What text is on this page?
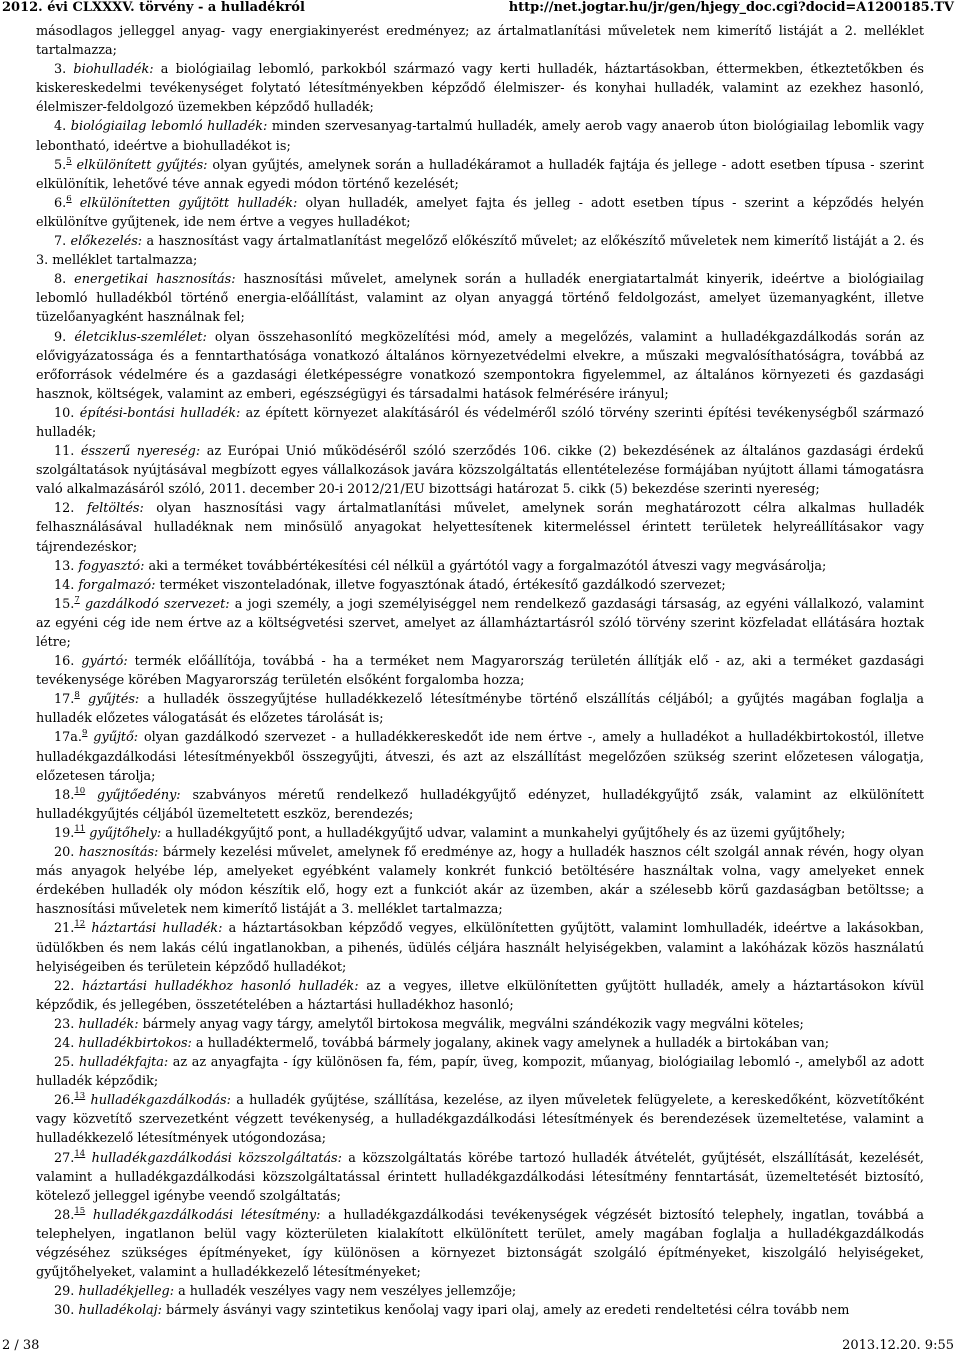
2012. évi CLXXXV. törvény - a hulladékról	http://net.jogtar.hu/jr/gen/hjegy_doc.cgi?docid=A1200185.TV

másodlagos jelleggel anyag- vagy energiakinyerést eredményez; az ártalmatlanítási műveletek nem kimerítő listáját a 2. melléklet tartalmazza;

3. biohulladék: a biológiailag lebomló, parkokból származó vagy kerti hulladék, háztartásokban, éttermekben, étkeztetőkben és kiskereskedelmi tevékenységet folytató létesítményekben képződő élelmiszer- és konyhai hulladék, valamint az ezekhez hasonló, élelmiszer-feldolgozó üzemekben képződő hulladék;

4. biológiailag lebomló hulladék: minden szervesanyag-tartalmú hulladék, amely aerob vagy anaerob úton biológiailag lebomlik vagy lebontható, ideértve a biohulladékot is;

5.$^5$ elkülönített gyűjtés: olyan gyűjtés, amelynek során a hulladékáramot a hulladék fajtája és jellege - adott esetben típusa - szerint elkülönítik, lehetővé téve annak egyedi módon történő kezelését;

6.$^6$ elkülönítetten gyűjtött hulladék: olyan hulladék, amelyet fajta és jelleg - adott esetben típus - szerint a képződés helyén elkülönítve gyűjtenek, ide nem értve a vegyes hulladékot;

7. előkezelés: a hasznosítást vagy ártalmatlanítást megelőző előkészítő művelet; az előkészítő műveletek nem kimerítő listáját a 2. és 3. melléklet tartalmazza;

8. energetikai hasznosítás: hasznosítási művelet, amelynek során a hulladék energiatartalmát kinyerik, ideértve a biológiailag lebomló hulladékból történő energia-előállítást, valamint az olyan anyaggá történő feldolgozást, amelyet üzemanyagként, illetve tüzelőanyagként használnak fel;

9. életciklus-szemlélet: olyan összehasonlító megközelítési mód, amely a megelőzés, valamint a hulladékgazdálkodás során az elővigyázatossága és a fenntarthatósága vonatkozó általános környezetvédelmi elvekre, a műszaki megvalósíthatóságra, továbbá az erőforrások védelmére és a gazdasági életképességre vonatkozó szempontokra figyelemmel, az általános környezeti és gazdasági hasznok, költségek, valamint az emberi, egészségügyi és társadalmi hatások felmérésére irányul;

10. építési-bontási hulladék: az épített környezet alakításáról és védelméről szóló törvény szerinti építési tevékenységből származó hulladék;

11. ésszerű nyereség: az Európai Unió működéséről szóló szerződés 106. cikke (2) bekezdésének az általános gazdasági érdekű szolgáltatások nyújtásával megbízott egyes vállalkozások javára közszolgáltatás ellentételezése formájában nyújtott állami támogatásra való alkalmazásáról szóló, 2011. december 20-i 2012/21/EU bizottsági határozat 5. cikk (5) bekezdése szerinti nyereség;

12. feltöltés: olyan hasznosítási vagy ártalmatlanítási művelet, amelynek során meghatározott célra alkalmas hulladék felhasználásával hulladéknak nem minősülő anyagokat helyettesítenek kitermeléssel érintett területek helyreállításakor vagy tájrendezéskor;

13. fogyasztó: aki a terméket továbbértékesítési cél nélkül a gyártótól vagy a forgalmazótól átveszi vagy megvásárolja;

14. forgalmazó: terméket viszonteladónak, illetve fogyasztónak átadó, értékesítő gazdálkodó szervezet;

15.$^7$ gazdálkodó szervezet: a jogi személy, a jogi személyiséggel nem rendelkező gazdasági társaság, az egyéni vállalkozó, valamint az egyéni cég ide nem értve az a költségvetési szervet, amelyet az államháztartásról szóló törvény szerint közfeladat ellátására hoztak létre;

16. gyártó: termék előállítója, továbbá - ha a terméket nem Magyarország területén állítják elő - az, aki a terméket gazdasági tevékenysége körében Magyarország területén elsőként forgalomba hozza;

17.$^8$ gyűjtés: a hulladék összegyűjtése hulladékkezelő létesítménybe történő elszállítás céljából; a gyűjtés magában foglalja a hulladék előzetes válogatását és előzetes tárolását is;

17a.$^9$ gyűjtő: olyan gazdálkodó szervezet - a hulladékkereskedőt ide nem értve -, amely a hulladékot a hulladékbirtokostól, illetve hulladékgazdálkodási létesítményekből összegyűjti, átveszi, és azt az elszállítást megelőzően szükség szerint előzetesen válogatja, előzetesen tárolja;

18.10 gyűjtőedény: szabványos méretű rendelkező hulladékgyűjtő edényzet, hulladékgyűjtő zsák, valamint az elkülönített hulladékgyűjtés céljából üzemeltetett eszköz, berendezés;

19.11 gyűjtőhely: a hulladékgyűjtő pont, a hulladékgyűjtő udvar, valamint a munkahelyi gyűjtőhely és az üzemi gyűjtőhely;

20. hasznosítás: bármely kezelési művelet, amelynek fő eredménye az, hogy a hulladék hasznos célt szolgál annak révén, hogy olyan más anyagok helyébe lép, amelyeket egyébként valamely konkrét funkció betöltésére használtak volna, vagy amelyeket ennek érdekében hulladék oly módon készítik elő, hogy ezt a funkciót akár az üzemben, akár a szélesebb körű gazdaságban betöltsse; a hasznosítási műveletek nem kimerítő listáját a 3. melléklet tartalmazza;

21.12 háztartási hulladék: a háztartásokban képződő vegyes, elkülönítetten gyűjtött, valamint lomhulladék, ideértve a lakásokban, üdülőkben és nem lakás célú ingatlanokban, a pihenés, üdülés céljára használt helyiségekben, valamint a lakóházak közös használatú helyiségeiben és területein képződő hulladékot;

22. háztartási hulladékhoz hasonló hulladék: az a vegyes, illetve elkülönítetten gyűjtött hulladék, amely a háztartásokon kívül képződik, és jellegében, összetételében a háztartási hulladékhoz hasonló;

23. hulladék: bármely anyag vagy tárgy, amelytől birtokosa megválik, megválni szándékozik vagy megválni köteles;

24. hulladékbirtokos: a hulladéktermelő, továbbá bármely jogalany, akinek vagy amelynek a hulladék a birtokában van;

25. hulladékfajta: az az anyagfajta - így különösen fa, fém, papír, üveg, kompozit, műanyag, biológiailag lebomló -, amelyből az adott hulladék képződik;

26.13 hulladékgazdálkodás: a hulladék gyűjtése, szállítása, kezelése, az ilyen műveletek felügyelete, a kereskedőként, közvetítőként vagy közvetítő szervezetként végzett tevékenység, a hulladékgazdálkodási létesítmények és berendezések üzemeltetése, valamint a hulladékkezelő létesítmények utógondozása;

27.14 hulladékgazdálkodási közszolgáltatás: a közszolgáltatás körébe tartozó hulladék átvételét, gyűjtését, elszállítását, kezelését, valamint a hulladékgazdálkodási közszolgáltatással érintett hulladékgazdálkodási létesítmény fenntartását, üzemeltetését biztosító, kötelező jelleggel igénybe veendő szolgáltatás;

28.15 hulladékgazdálkodási létesítmény: a hulladékgazdálkodási tevékenységek végzését biztosító telephely, ingatlan, továbbá a telephelyen, ingatlanon belül vagy közterületen kialakított elkülönített terület, amely magában foglalja a hulladékgazdálkodás végzéséhez szükséges építményeket, így különösen a környezet biztonságát szolgáló építményeket, kiszolgáló helyiségeket, gyűjtőhelyeket, valamint a hulladékkezelő létesítményeket;

29. hulladékjelleg: a hulladék veszélyes vagy nem veszélyes jellemzője;

30. hulladékolaj: bármely ásványi vagy szintetikus kenőolaj vagy ipari olaj, amely az eredeti rendeltetési célra tovább nem

2 / 38	2013.12.20. 9:55
